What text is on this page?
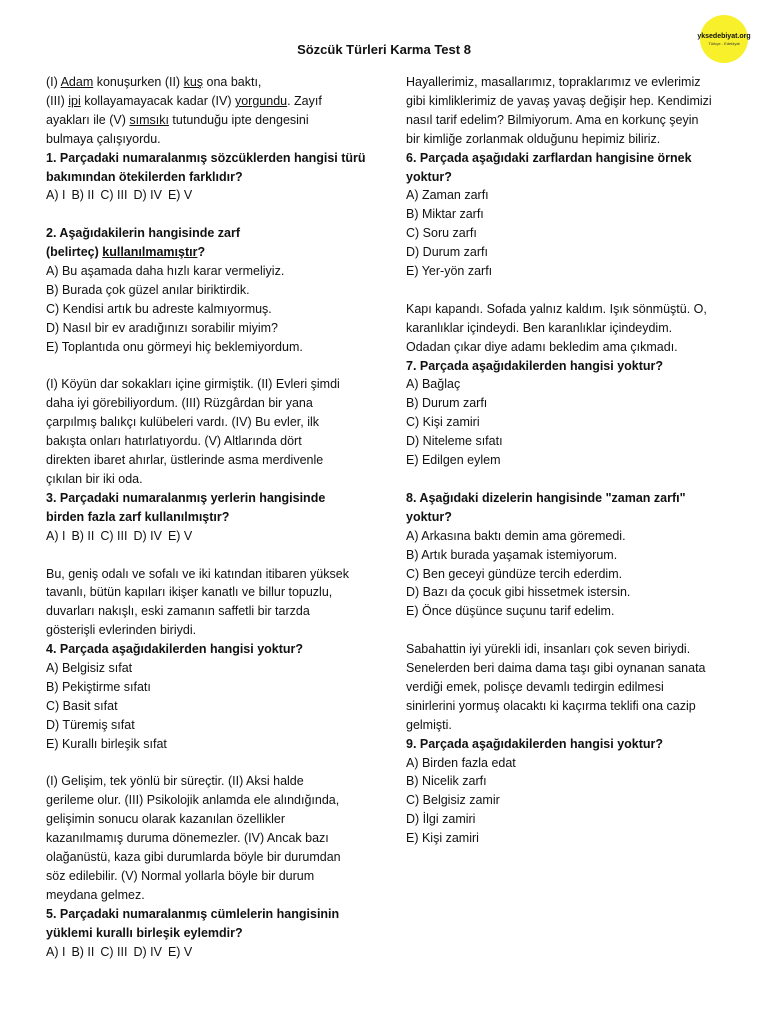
yksedebiyat.org
Türkçe - Edebiyat
Sözcük Türleri Karma Test 8

(I) Adam konuşurken (II) kuş ona baktı,

(III) ipi kollayamayacak kadar (IV) yorgundu. Zayıf

ayakları ile (V) sımsıkı tutunduğu ipte dengesini

bulmaya çalışıyordu.

1. Parçadaki numaralanmış sözcüklerden hangisi türü

bakımından ötekilerden farklıdır?

A) I B) II C) III D) IV E) V

2. Aşağıdakilerin hangisinde zarf

(belirteç) kullanılmamıştır?

A) Bu aşamada daha hızlı karar vermeliyiz.

B) Burada çok güzel anılar biriktirdik.

C) Kendisi artık bu adreste kalmıyormuş.

D) Nasıl bir ev aradığınızı sorabilir miyim?

E) Toplantıda onu görmeyi hiç beklemiyordum.

(I) Köyün dar sokakları içine girmiştik. (II) Evleri şimdi

daha iyi görebiliyordum. (III) Rüzgârdan bir yana

çarpılmış balıkçı kulübeleri vardı. (IV) Bu evler, ilk

bakışta onları hatırlatıyordu. (V) Altlarında dört

direkten ibaret ahırlar, üstlerinde asma merdivenle

çıkılan bir iki oda.

3. Parçadaki numaralanmış yerlerin hangisinde

birden fazla zarf kullanılmıştır?

A) I B) II C) III D) IV E) V

Bu, geniş odalı ve sofalı ve iki katından itibaren yüksek

tavanlı, bütün kapıları ikişer kanatlı ve billur topuzlu,

duvarları nakışlı, eski zamanın saffetli bir tarzda

gösterişli evlerinden biriydi.

4. Parçada aşağıdakilerden hangisi yoktur?

A) Belgisiz sıfat

B) Pekiştirme sıfatı

C) Basit sıfat

D) Türemiş sıfat

E) Kurallı birleşik sıfat

(I) Gelişim, tek yönlü bir süreçtir. (II) Aksi halde

gerileme olur. (III) Psikolojik anlamda ele alındığında,

gelişimin sonucu olarak kazanılan özellikler

kazanılmamış duruma dönemezler. (IV) Ancak bazı

olağanüstü, kaza gibi durumlarda böyle bir durumdan

söz edilebilir. (V) Normal yollarla böyle bir durum

meydana gelmez.

5. Parçadaki numaralanmış cümlelerin hangisinin

yüklemi kurallı birleşik eylemdir?

A) I B) II C) III D) IV E) V

Hayallerimiz, masallarımız, topraklarımız ve evlerimiz

gibi kimliklerimiz de yavaş yavaş değişir hep. Kendimizi

nasıl tarif edelim? Bilmiyorum. Ama en korkunç şeyin

bir kimliğe zorlanmak olduğunu hepimiz biliriz.

6. Parçada aşağıdaki zarflardan hangisine örnek

yoktur?

A) Zaman zarfı

B) Miktar zarfı

C) Soru zarfı

D) Durum zarfı

E) Yer-yön zarfı

Kapı kapandı. Sofada yalnız kaldım. Işık sönmüştü. O,

karanlıklar içindeydi. Ben karanlıklar içindeydim.

Odadan çıkar diye adamı bekledim ama çıkmadı.

7. Parçada aşağıdakilerden hangisi yoktur?

A) Bağlaç

B) Durum zarfı

C) Kişi zamiri

D) Niteleme sıfatı

E) Edilgen eylem

8. Aşağıdaki dizelerin hangisinde "zaman zarfı"

yoktur?

A) Arkasına baktı demin ama göremedi.

B) Artık burada yaşamak istemiyorum.

C) Ben geceyi gündüze tercih ederdim.

D) Bazı da çocuk gibi hissetmek istersin.

E) Önce düşünce suçunu tarif edelim.

Sabahattin iyi yürekli idi, insanları çok seven biriydi.

Senelerden beri daima dama taşı gibi oynanan sanata

verdiği emek, polisçe devamlı tedirgin edilmesi

sinirlerini yormuş olacaktı ki kaçırma teklifi ona cazip

gelmişti.

9. Parçada aşağıdakilerden hangisi yoktur?

A) Birden fazla edat

B) Nicelik zarfı

C) Belgisiz zamir

D) İlgi zamiri

E) Kişi zamiri
